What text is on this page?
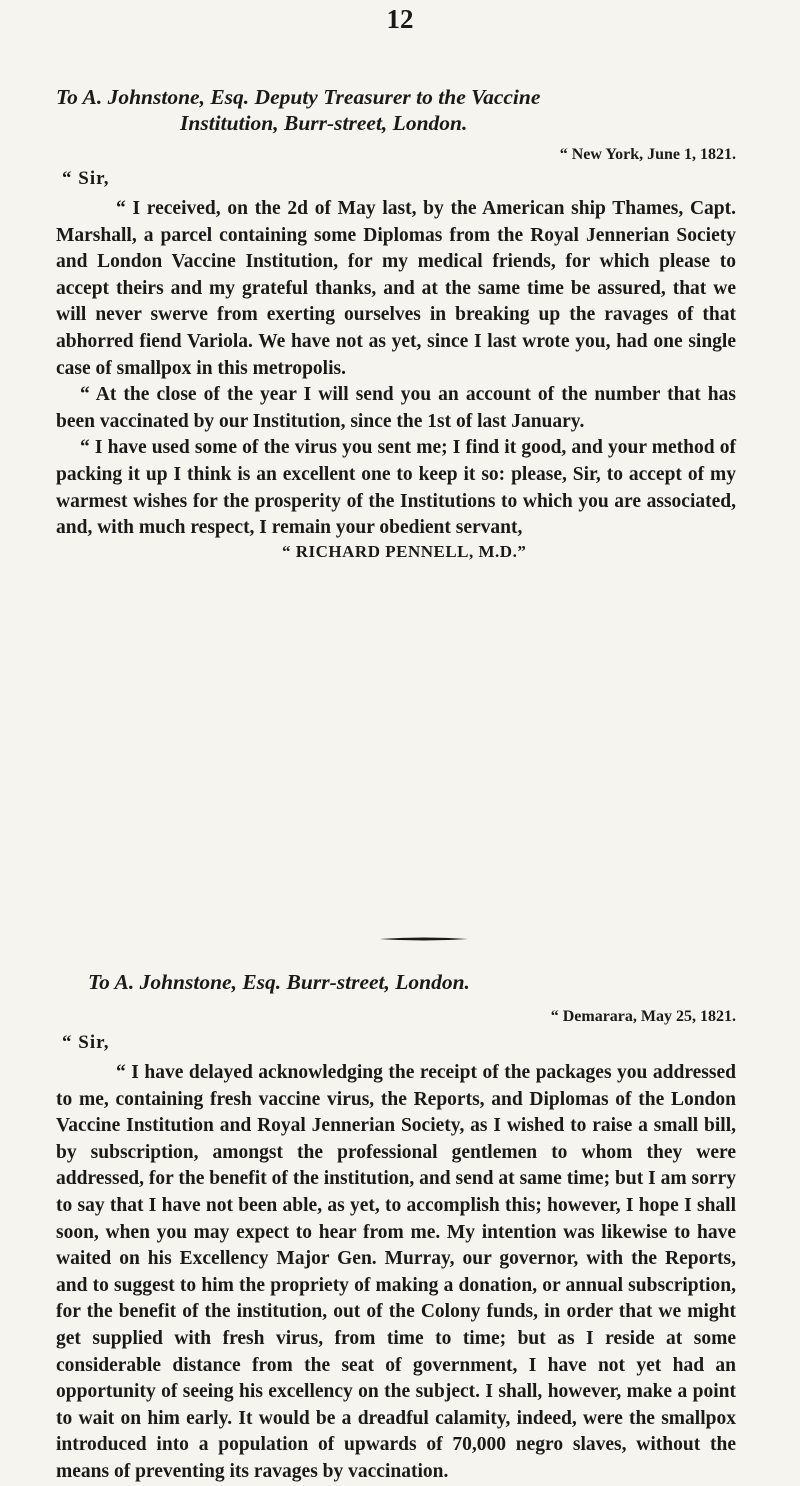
12
To A. Johnstone, Esq. Deputy Treasurer to the Vaccine
Institution, Burr-street, London.
“ New York, June 1, 1821.
“ Sir,

“ I received, on the 2d of May last, by the American ship Thames, Capt. Marshall, a parcel containing some Diplomas from the Royal Jennerian Society and London Vaccine Institution, for my medical friends, for which please to accept theirs and my grateful thanks, and at the same time be assured, that we will never swerve from exerting ourselves in breaking up the ravages of that abhorred fiend Variola. We have not as yet, since I last wrote you, had one single case of smallpox in this metropolis.

“ At the close of the year I will send you an account of the number that has been vaccinated by our Institution, since the 1st of last January.

“ I have used some of the virus you sent me; I find it good, and your method of packing it up I think is an excellent one to keep it so: please, Sir, to accept of my warmest wishes for the prosperity of the Institutions to which you are associated, and, with much respect, I remain your obedient servant,

“ RICHARD PENNELL, M.D.”
To A. Johnstone, Esq. Burr-street, London.
“ Demarara, May 25, 1821.
“ Sir,

“ I have delayed acknowledging the receipt of the packages you addressed to me, containing fresh vaccine virus, the Reports, and Diplomas of the London Vaccine Institution and Royal Jennerian Society, as I wished to raise a small bill, by subscription, amongst the professional gentlemen to whom they were addressed, for the benefit of the institution, and send at same time; but I am sorry to say that I have not been able, as yet, to accomplish this; however, I hope I shall soon, when you may expect to hear from me. My intention was likewise to have waited on his Excellency Major Gen. Murray, our governor, with the Reports, and to suggest to him the propriety of making a donation, or annual subscription, for the benefit of the institution, out of the Colony funds, in order that we might get supplied with fresh virus, from time to time; but as I reside at some considerable distance from the seat of government, I have not yet had an opportunity of seeing his excellency on the subject. I shall, however, make a point to wait on him early. It would be a dreadful calamity, indeed, were the smallpox introduced into a population of upwards of 70,000 negro slaves, without the means of preventing its ravages by vaccination.
